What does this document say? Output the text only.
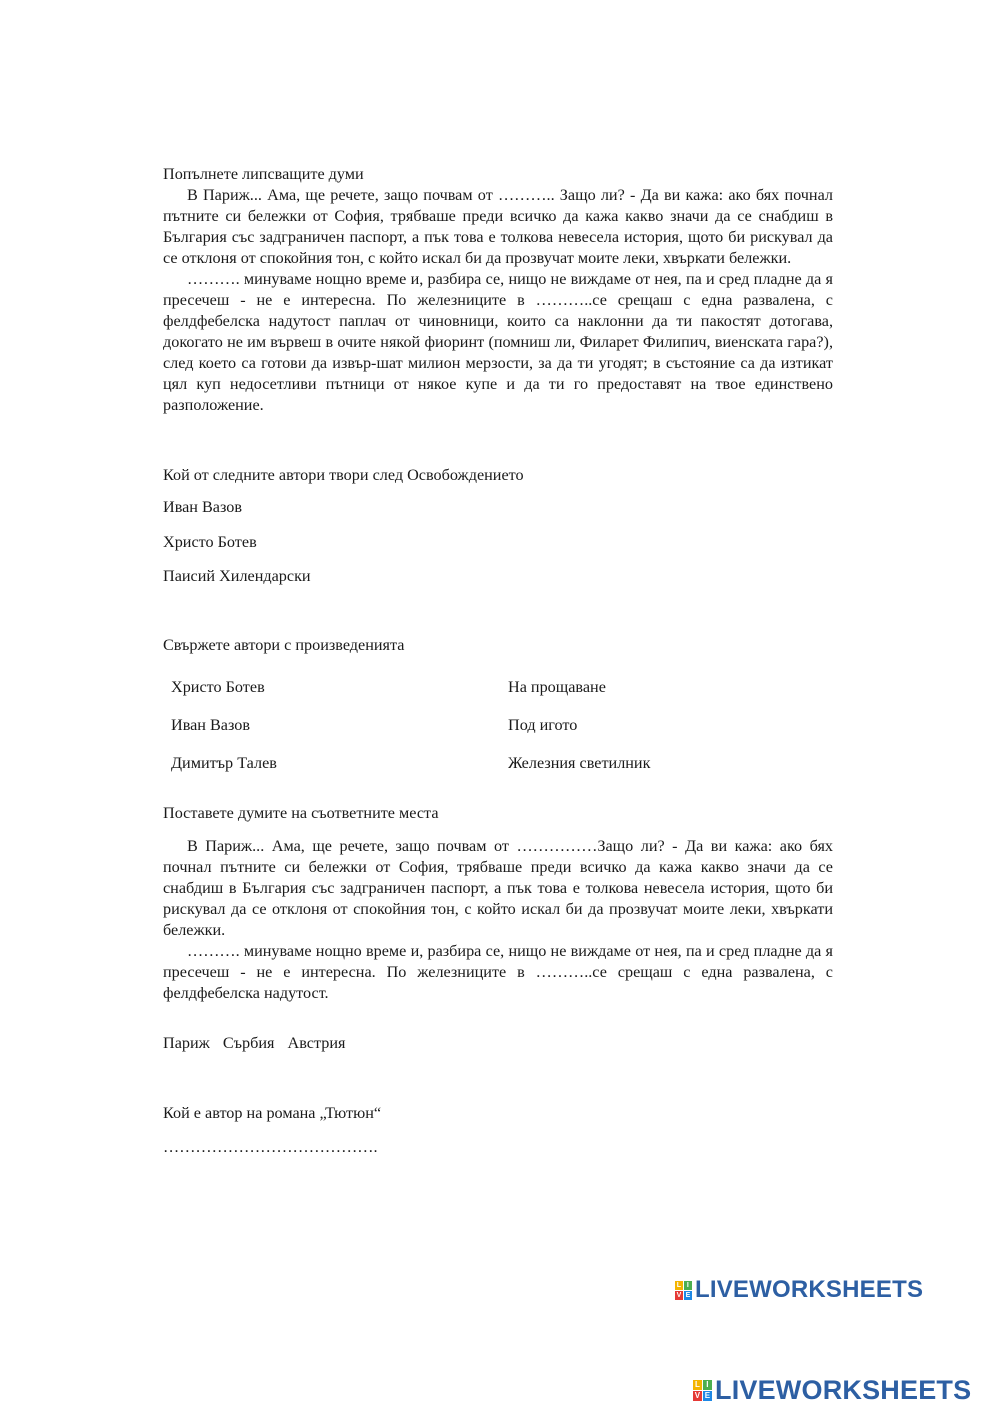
Попълнете липсващите думи

В Париж... Ама, ще речете, защо почвам от ……….. Защо ли? - Да ви кажа: ако бях почнал пътните си бележки от София, трябваше преди всичко да кажа какво значи да се снабдиш в България със задграничен паспорт, а пък това е толкова невесела история, щото би рискувал да се отклоня от спокойния тон, с който искал би да прозвучат моите леки, хвъркати бележки.

………. минуваме нощно време и, разбира се, нищо не виждаме от нея, па и сред пладне да я пресечеш - не е интересна. По железниците в ………..се срещаш с една развалена, с фелдфебелска надутост паплач от чиновници, които са наклонни да ти пакостят дотогава, докогато не им вървеш в очите някой фиоринт (помниш ли, Филарет Филипич, виенската гара?), след което са готови да извър-шат милион мерзости, за да ти угодят; в състояние са да изтикат цял куп недосетливи пътници от някое купе и да ти го предоставят на твое единствено разположение.

Кой от следните автори твори след Освобождението
Иван Вазов
Христо Ботев
Паисий Хилендарски
Свържете автори с произведенията
Христо Ботев
Иван Вазов
Димитър Талев
На прощаване
Под игото
Железния светилник
Поставете думите на съответните места

В Париж... Ама, ще речете, защо почвам от ……………Защо ли? - Да ви кажа: ако бях почнал пътните си бележки от София, трябваше преди всичко да кажа какво значи да се снабдиш в България със задграничен паспорт, а пък това е толкова невесела история, щото би рискувал да се отклоня от спокойния тон, с който искал би да прозвучат моите леки, хвъркати бележки.

………. минуваме нощно време и, разбира се, нищо не виждаме от нея, па и сред пладне да я пресечеш - не е интересна. По железниците в ………..се срещаш с една развалена, с фелдфебелска надутост.

Париж Сърбия Австрия
Кой е автор на романа „Тютюн“
………………………………….
L I
V E LIVEWORKSHEETS
L I
V E LIVEWORKSHEETS
